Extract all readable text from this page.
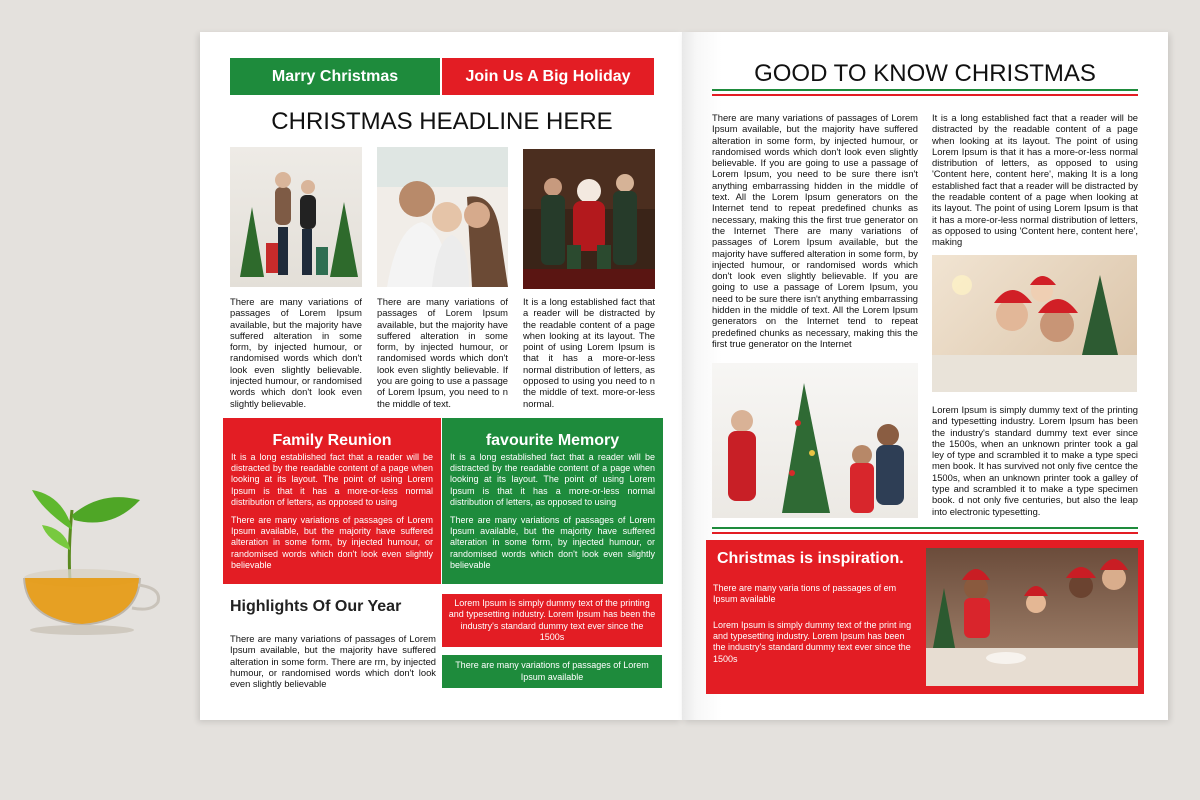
Marry Christmas	Join Us A Big Holiday
CHRISTMAS HEADLINE HERE
There are many variations of passages of Lorem Ipsum available, but the majority have suffered alteration in some form, by injected humour, or randomised words which don't look even slightly believable. injected humour, or randomised words which don't look even slightly believable.
There are many variations of passages of Lorem Ipsum available, but the majority have suffered alteration in some form, by injected humour, or randomised words which don't look even slightly believable. If you are going to use a passage of Lorem Ipsum, you need to n the middle of text.
It is a long established fact that a reader will be distracted by the readable content of a page when looking at its layout. The point of using Lorem Ipsum is that it has a more-or-less normal distribution of letters, as opposed to using you need to n the middle of text. more-or-less normal.
Family Reunion

It is a long established fact that a reader will be distracted by the readable content of a page when looking at its layout. The point of using Lorem Ipsum is that it has a more-or-less normal distribution of letters, as opposed to using

There are many variations of passages of Lorem Ipsum available, but the majority have suffered alteration in some form, by injected humour, or randomised words which don't look even slightly believable

favourite Memory

It is a long established fact that a reader will be distracted by the readable content of a page when looking at its layout. The point of using Lorem Ipsum is that it has a more-or-less normal distribution of letters, as opposed to using

There are many variations of passages of Lorem Ipsum available, but the majority have suffered alteration in some form, by injected humour, or randomised words which don't look even slightly believable

Highlights Of Our Year
There are many variations of passages of Lorem Ipsum available, but the majority have suffered alteration in some form. There are rm, by injected humour, or randomised words which don't look even slightly believable
Lorem Ipsum is simply dummy text of the printing and typesetting industry. Lorem Ipsum has been the industry's standard dummy text ever since the 1500s
There are many variations of passages of Lorem Ipsum available
GOOD TO KNOW CHRISTMAS
There are many variations of passages of Lorem Ipsum available, but the majority have suffered alteration in some form, by injected humour, or randomised words which don't look even slightly believable. If you are going to use a passage of Lorem Ipsum, you need to be sure there isn't anything embarrassing hidden in the middle of text. All the Lorem Ipsum generators on the Internet tend to repeat predefined chunks as necessary, making this the first true generator on the Internet There are many variations of passages of Lorem Ipsum available, but the majority have suffered alteration in some form, by injected humour, or randomised words which don't look even slightly believable. If you are going to use a passage of Lorem Ipsum, you need to be sure there isn't anything embarrassing hidden in the middle of text. All the Lorem Ipsum generators on the Internet tend to repeat predefined chunks as necessary, making this the first true generator on the Internet
It is a long established fact that a reader will be distracted by the readable content of a page when looking at its layout. The point of using Lorem Ipsum is that it has a more-or-less normal distribution of letters, as opposed to using 'Content here, content here', making It is a long established fact that a reader will be distracted by the readable content of a page when looking at its layout. The point of using Lorem Ipsum is that it has a more-or-less normal distribution of letters, as opposed to using 'Content here, content here', making
Lorem Ipsum is simply dummy text of the printing and typesetting industry. Lorem Ipsum has been the industry's standard dummy text ever since the 1500s, when an unknown printer took a gal ley of type and scrambled it to make a type speci men book. It has survived not only five centce the 1500s, when an unknown printer took a galley of type and scrambled it to make a type specimen book. d not only five centuries, but also the leap into electronic typesetting.
Christmas is inspiration.
There are many varia tions of passages of em Ipsum available
Lorem Ipsum is simply dummy text of the print ing and typesetting industry. Lorem Ipsum has been the industry's standard dummy text ever since the 1500s
